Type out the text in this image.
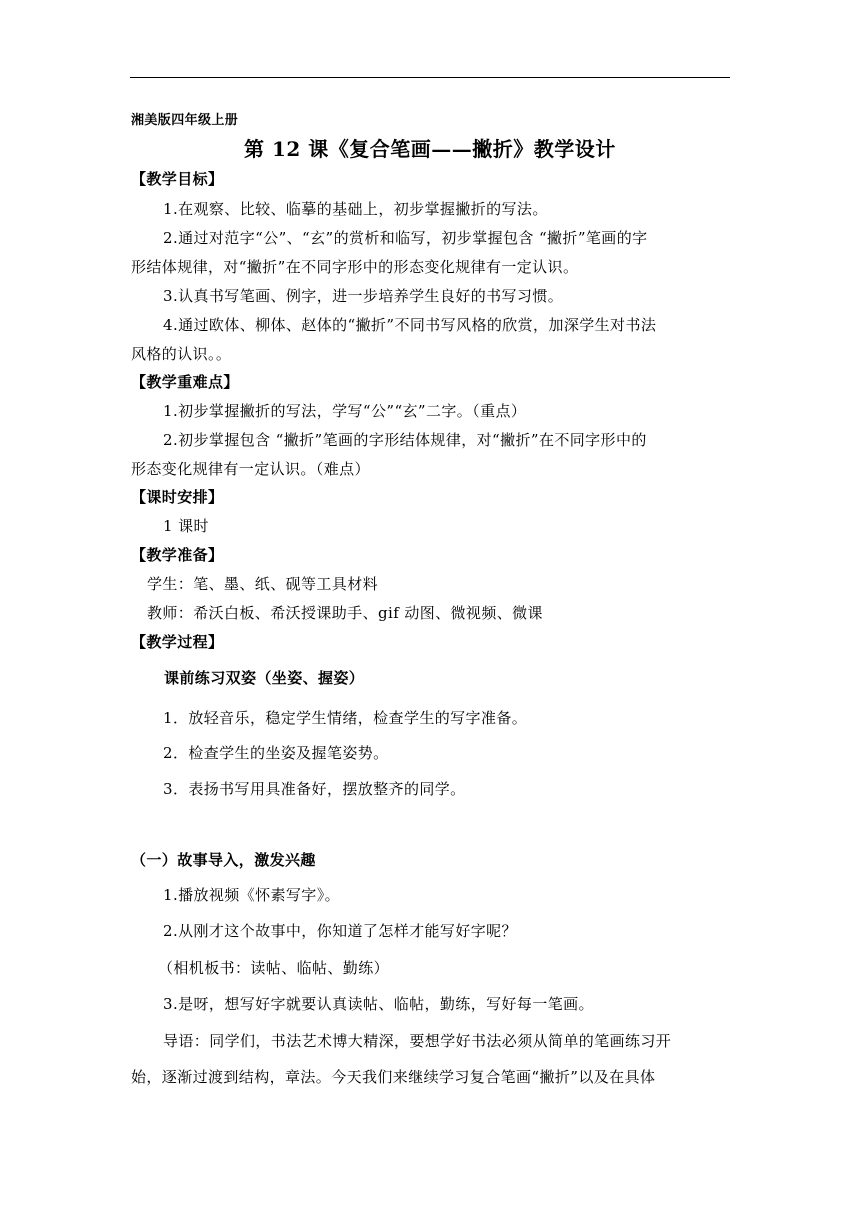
湘美版四年级上册
第 12 课《复合笔画——撇折》教学设计
【教学目标】
1.在观察、比较、临摹的基础上，初步掌握撇折的写法。
2.通过对范字“公”、“玄”的赏析和临写，初步掌握包含 “撇折”笔画的字
形结体规律，对“撇折”在不同字形中的形态变化规律有一定认识。
3.认真书写笔画、例字，进一步培养学生良好的书写习惯。
4.通过欧体、柳体、赵体的“撇折”不同书写风格的欣赏，加深学生对书法
风格的认识。。
【教学重难点】
1.初步掌握撇折的写法，学写“公”“玄”二字。（重点）
2.初步掌握包含 “撇折”笔画的字形结体规律，对“撇折”在不同字形中的
形态变化规律有一定认识。（难点）
【课时安排】
1 课时
【教学准备】
学生：笔、墨、纸、砚等工具材料
教师：希沃白板、希沃授课助手、gif 动图、微视频、微课
【教学过程】
课前练习双姿（坐姿、握姿）
1．放轻音乐，稳定学生情绪，检查学生的写字准备。
2．检查学生的坐姿及握笔姿势。
3．表扬书写用具准备好，摆放整齐的同学。
（一）故事导入，激发兴趣
1.播放视频《怀素写字》。
2.从刚才这个故事中，你知道了怎样才能写好字呢？
（相机板书：读帖、临帖、勤练）
3.是呀，想写好字就要认真读帖、临帖，勤练，写好每一笔画。
导语：同学们，书法艺术博大精深，要想学好书法必须从简单的笔画练习开
始，逐渐过渡到结构，章法。今天我们来继续学习复合笔画“撇折”以及在具体
